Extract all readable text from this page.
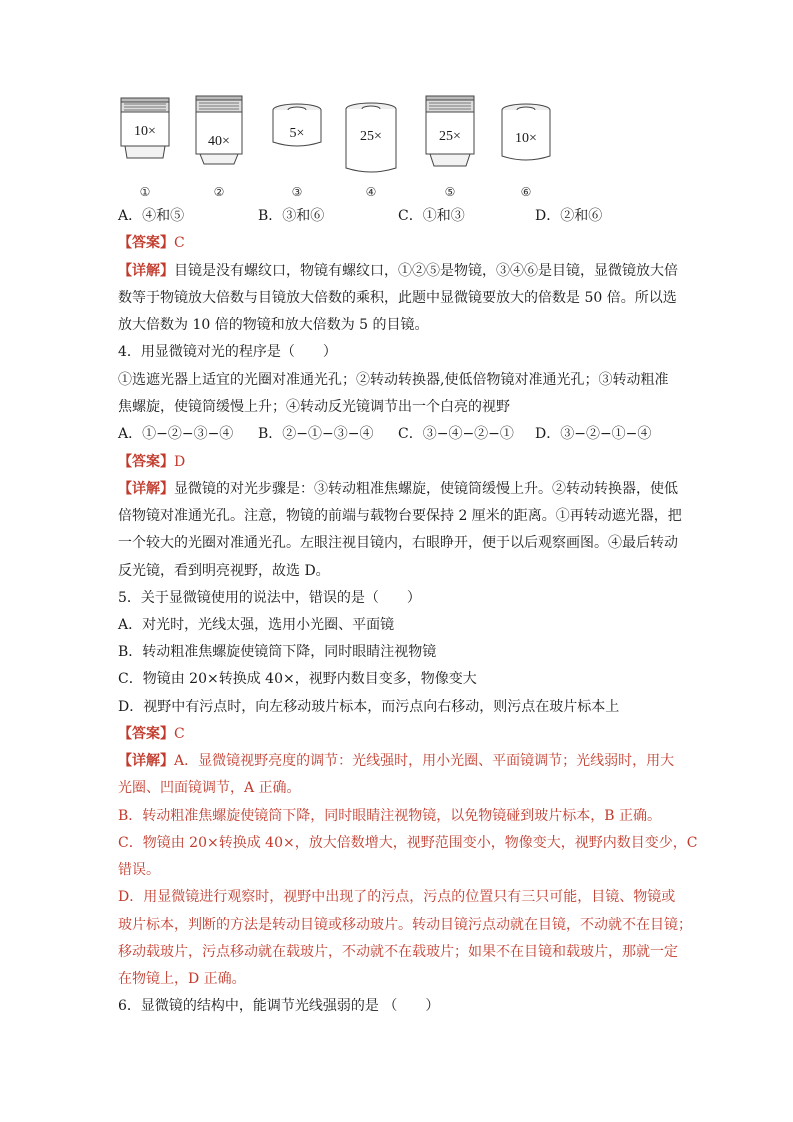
10×
①
40×
②
5×
③
25×
④
25×
⑤
10×
⑥
A．④和⑤	B．③和⑥	C．①和③	D．②和⑥
【答案】C
【详解】目镜是没有螺纹口，物镜有螺纹口，①②⑤是物镜，③④⑥是目镜，显微镜放大倍
数等于物镜放大倍数与目镜放大倍数的乘积，此题中显微镜要放大的倍数是 50 倍。所以选
放大倍数为 10 倍的物镜和放大倍数为 5 的目镜。
4．用显微镜对光的程序是（　　）
①选遮光器上适宜的光圈对准通光孔；②转动转换器,使低倍物镜对准通光孔；③转动粗准
焦螺旋，使镜筒缓慢上升；④转动反光镜调节出一个白亮的视野
A．①−②−③−④ B．②−①−③−④ C．③−④−②−① D．③−②−①−④
【答案】D
【详解】显微镜的对光步骤是：③转动粗准焦螺旋，使镜筒缓慢上升。②转动转换器，使低
倍物镜对准通光孔。注意，物镜的前端与载物台要保持 2 厘米的距离。①再转动遮光器，把
一个较大的光圈对准通光孔。左眼注视目镜内，右眼睁开，便于以后观察画图。④最后转动
反光镜，看到明亮视野，故选 D。
5．关于显微镜使用的说法中，错误的是（　　）
A．对光时，光线太强，选用小光圈、平面镜
B．转动粗准焦螺旋使镜筒下降，同时眼睛注视物镜
C．物镜由 20×转换成 40×，视野内数目变多，物像变大
D．视野中有污点时，向左移动玻片标本，而污点向右移动，则污点在玻片标本上
【答案】C
【详解】A．显微镜视野亮度的调节：光线强时，用小光圈、平面镜调节；光线弱时，用大
光圈、凹面镜调节，A 正确。
B．转动粗准焦螺旋使镜筒下降，同时眼睛注视物镜，以免物镜碰到玻片标本，B 正确。
C．物镜由 20×转换成 40×，放大倍数增大，视野范围变小，物像变大，视野内数目变少，C
错误。
D．用显微镜进行观察时，视野中出现了的污点，污点的位置只有三只可能，目镜、物镜或
玻片标本，判断的方法是转动目镜或移动玻片。转动目镜污点动就在目镜，不动就不在目镜；
移动载玻片，污点移动就在载玻片，不动就不在载玻片；如果不在目镜和载玻片，那就一定
在物镜上，D 正确。
6．显微镜的结构中，能调节光线强弱的是 （　　）
